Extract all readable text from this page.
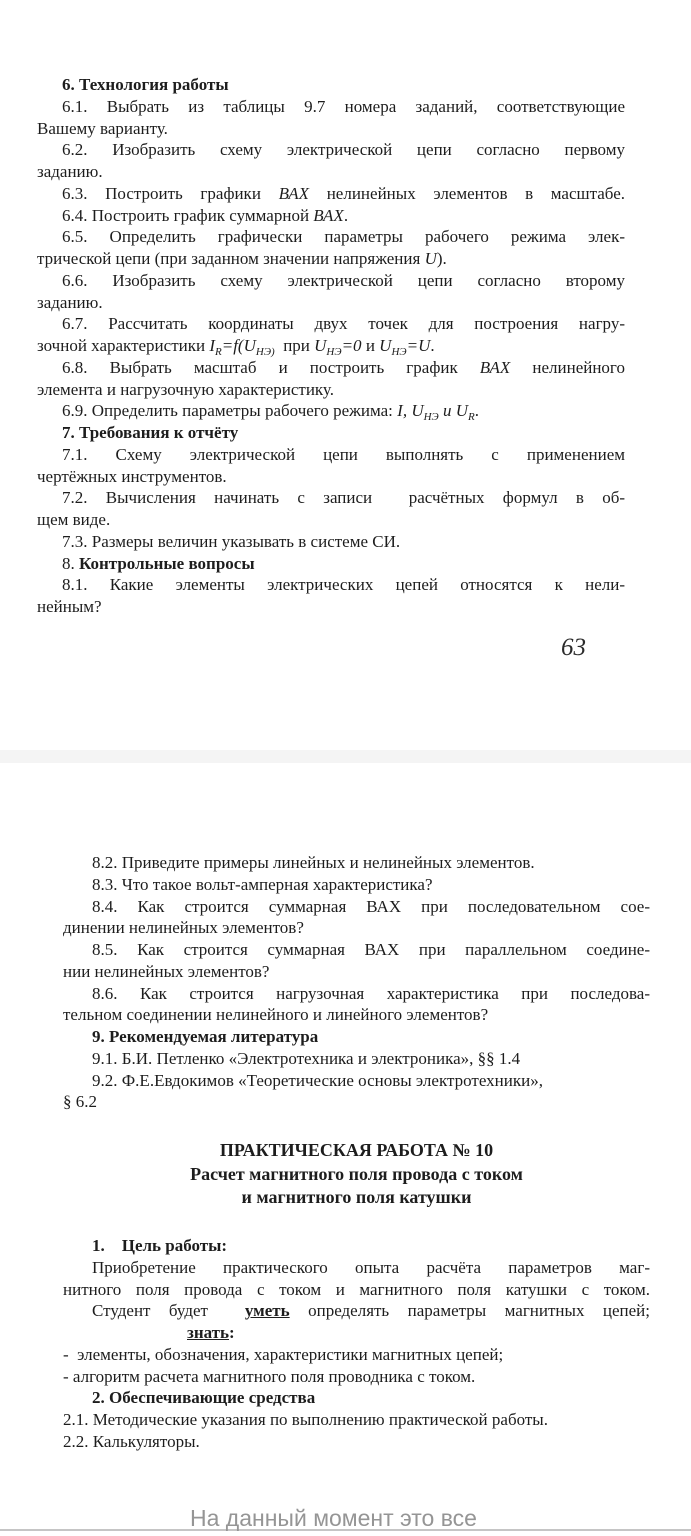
6. Технология работы
6.1. Выбрать из таблицы 9.7 номера заданий, соответствующие
Вашему варианту.
6.2. Изобразить схему электрической цепи согласно первому
заданию.
6.3. Построить графики ВАХ нелинейных элементов в масштабе.
6.4. Построить график суммарной ВАХ.
6.5. Определить графически параметры рабочего режима элек-
трической цепи (при заданном значении напряжения U).
6.6. Изобразить схему электрической цепи согласно второму
заданию.
6.7. Рассчитать координаты двух точек для построения нагру-
зочной характеристики $I_R=f(U_{НЭ)}$  при $U_{НЭ}=0$ и $U_{НЭ}=U$.
6.8. Выбрать масштаб и построить график ВАХ нелинейного
элемента и нагрузочную характеристику.
6.9. Определить параметры рабочего режима: I, $U_{НЭ}$ и $U_R$.
7. Требования к отчёту
7.1. Схему электрической цепи выполнять с применением
чертёжных инструментов.
7.2. Вычисления начинать с записи  расчётных формул в об-
щем виде.
7.3. Размеры величин указывать в системе СИ.
8. Контрольные вопросы
8.1. Какие элементы электрических цепей относятся к нели-
нейным?
63
8.2. Приведите примеры линейных и нелинейных элементов.
8.3. Что такое вольт-амперная характеристика?
8.4. Как строится суммарная ВАХ при последовательном сое-
динении нелинейных элементов?
8.5. Как строится суммарная ВАХ при параллельном соедине-
нии нелинейных элементов?
8.6. Как строится нагрузочная характеристика при последова-
тельном соединении нелинейного и линейного элементов?
9. Рекомендуемая литература
9.1. Б.И. Петленко «Электротехника и электроника», §§ 1.4
9.2. Ф.Е.Евдокимов «Теоретические основы электротехники»,
§ 6.2
ПРАКТИЧЕСКАЯ РАБОТА № 10
Расчет магнитного поля провода с током
и магнитного поля катушки
1.    Цель работы:
Приобретение практического опыта расчёта параметров маг-
нитного поля провода с током и магнитного поля катушки с током.
Студент будет  уметь определять параметры магнитных цепей;
знать:
-  элементы, обозначения, характеристики магнитных цепей;
- алгоритм расчета магнитного поля проводника с током.
2. Обеспечивающие средства
2.1. Методические указания по выполнению практической работы.
2.2. Калькуляторы.
На данный момент это все
